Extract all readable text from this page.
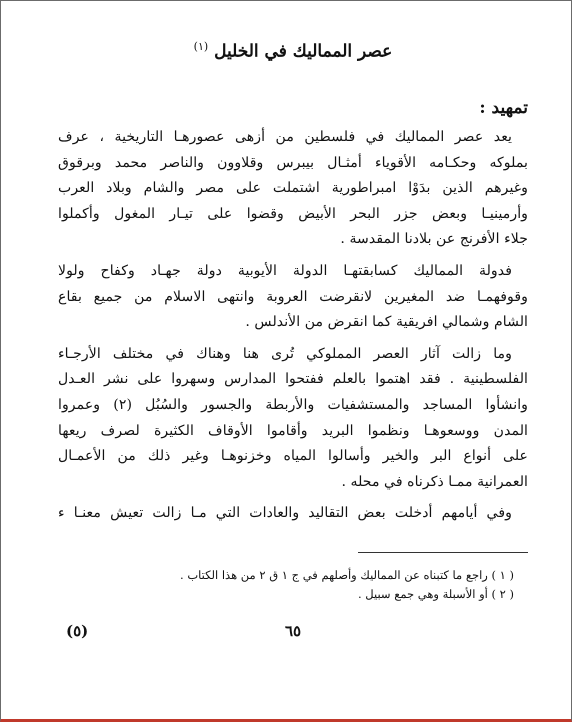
عصر المماليك في الخليل $^{(١)}$
تمهيد :

يعد عصر المماليك في فلسطين من أزهى عصورهـا التاريخية ، عرف
بملوكه وحكـامه الأقوياء أمثـال بيبرس وقلاوون والناصر محمد وبرقوق
وغيرهم الذين بدَوْا امبراطورية اشتملت على مصر والشام وبلاد العرب
وأرمينيـا وبعض جزر البحر الأبيض وقضوا على تيـار المغول وأكملوا
جلاء الأفرنج عن بلادنا المقدسة .

فدولة المماليك كسابقتهـا الدولة الأيوبية دولة جهـاد وكفاح ولولا
وقوفهمـا ضد المغيرين لانقرضت العروبة وانتهى الاسلام من جميع بقاع
الشام وشمالي افريقية كما انقرض من الأندلس .

وما زالت آثار العصر المملوكي تُرى هنا وهناك في مختلف الأرجـاء
الفلسطينية . فقد اهتموا بالعلم ففتحوا المدارس وسهروا على نشر العـدل
وانشأوا المساجد والمستشفيات والأربطة والجسور والسُبُل (٢) وعمروا
المدن ووسعوهـا ونظموا البريد وأقاموا الأوقاف الكثيرة لصرف ريعها
على أنواع البر والخير وأسالوا المياه وخزنوهـا وغير ذلك من الأعمـال
العمرانية ممـا ذكرناه في محله .

وفي أيامهم أدخلت بعض التقاليد والعادات التي مـا زالت تعيش معنـا ء

( ١ ) راجع ما كتبناه عن المماليك وأصلهم في ج ١ ق ٢ من هذا الكتاب .
( ٢ ) أو الأسبلة وهي جمع سبيل .
٦٥
(٥)
